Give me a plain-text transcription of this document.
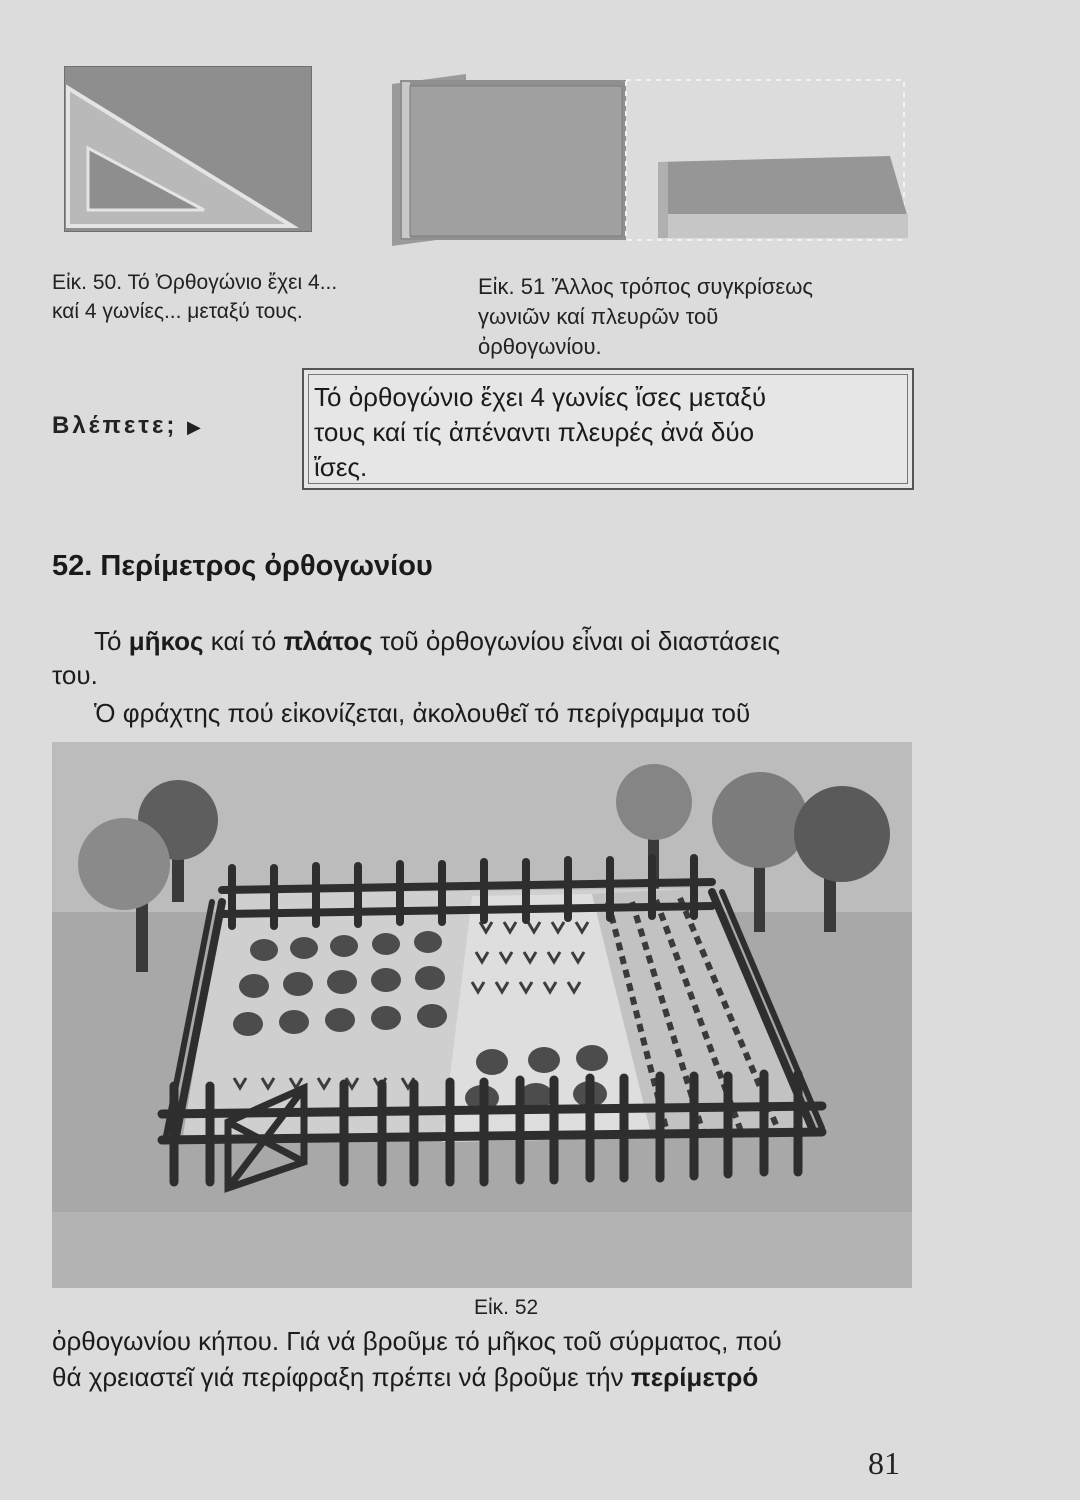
Εἰκ. 50. Τό Ὀρθογώνιο ἔχει 4...
καί 4 γωνίες... μεταξύ τους.
Εἰκ. 51 Ἄλλος τρόπος συγκρίσεως
γωνιῶν καί πλευρῶν τοῦ
ὀρθογωνίου.
Βλέπετε; ▶
Τό ὀρθογώνιο ἔχει 4 γωνίες ἴσες μεταξύ
τους καί τίς ἀπέναντι πλευρές ἀνά δύο
ἴσες.
52. Περίμετρος ὀρθογωνίου
Τό μῆκος καί τό πλάτος τοῦ ὀρθογωνίου εἶναι οἱ διαστάσεις
του.
Ὁ φράχτης πού εἰκονίζεται, ἀκολουθεῖ τό περίγραμμα τοῦ
Εἰκ. 52
ὀρθογωνίου κήπου. Γιά νά βροῦμε τό μῆκος τοῦ σύρματος, πού
θά χρειαστεῖ γιά περίφραξη πρέπει νά βροῦμε τήν περίμετρό
81
